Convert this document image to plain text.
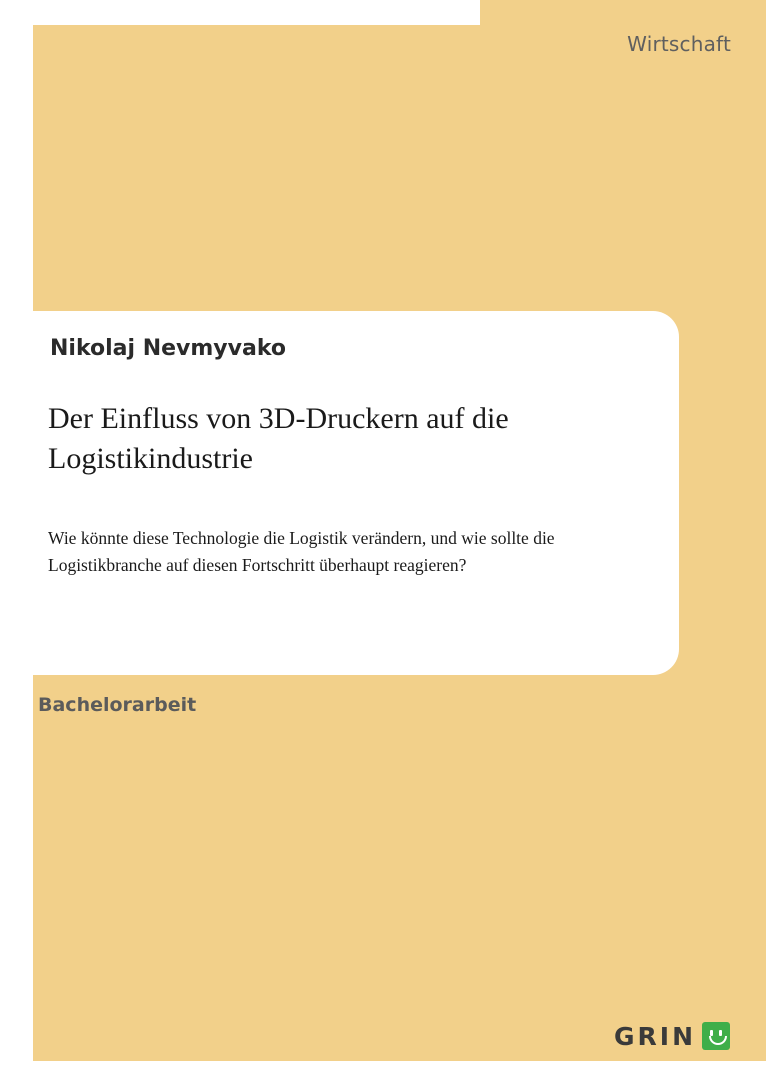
Wirtschaft
Nikolaj Nevmyvako
Der Einfluss von 3D-Druckern auf die Logistikindustrie
Wie könnte diese Technologie die Logistik verändern, und wie sollte die Logistikbranche auf diesen Fortschritt überhaupt reagieren?
Bachelorarbeit
GRIN
